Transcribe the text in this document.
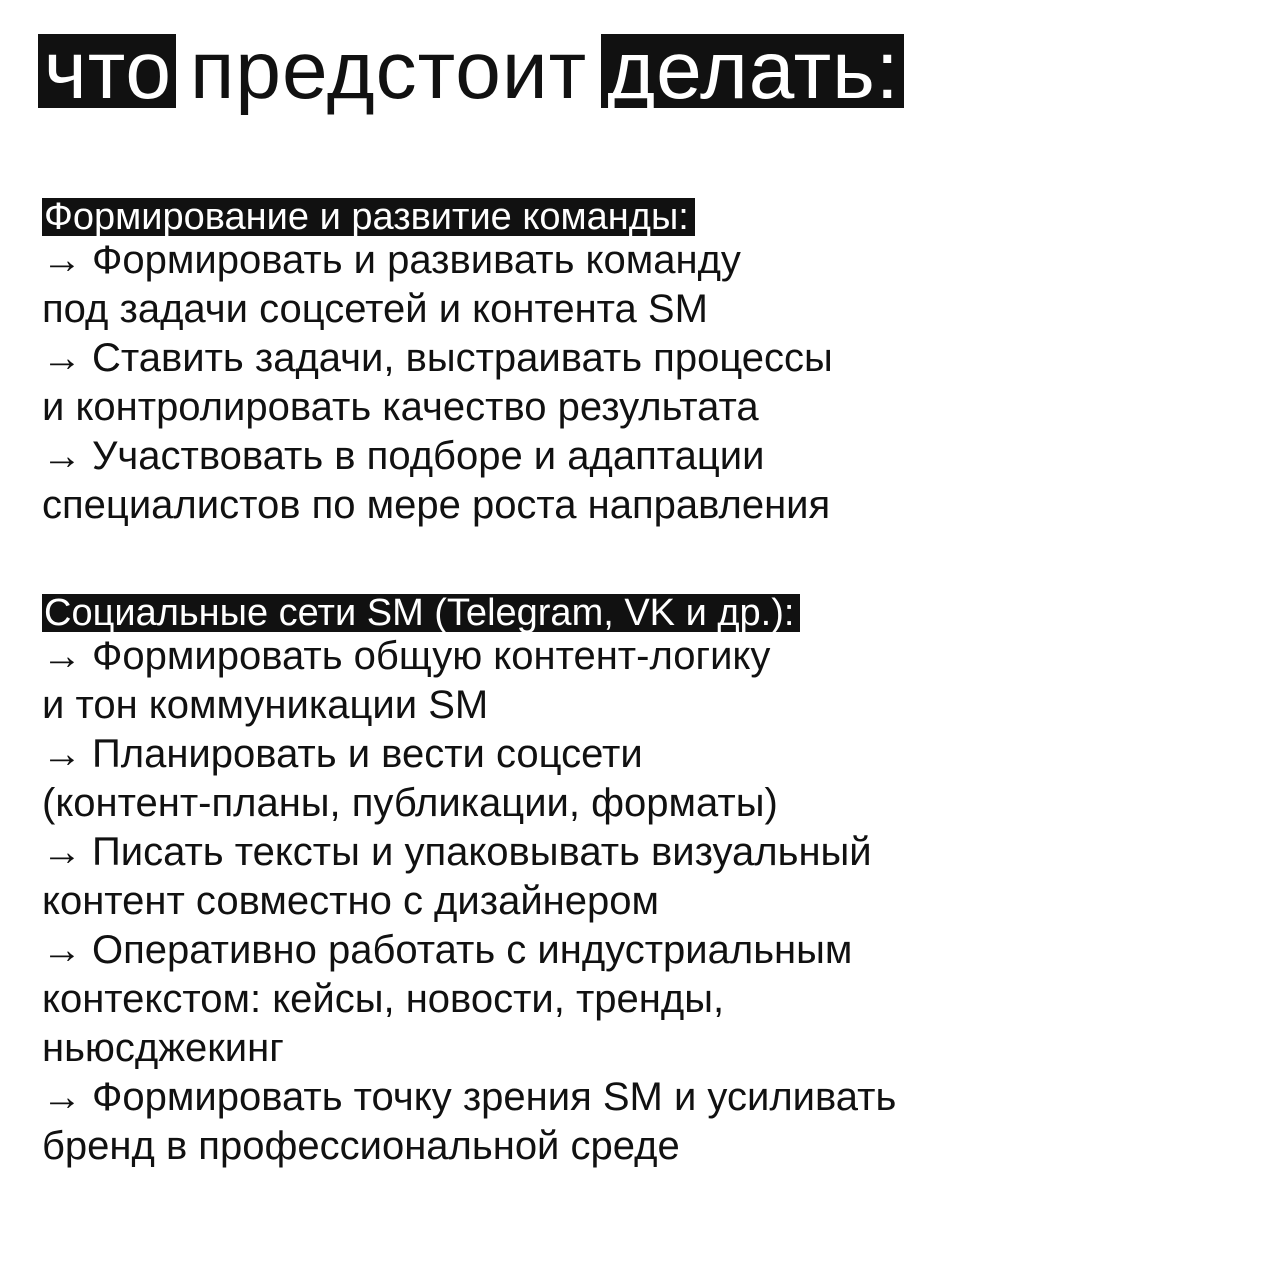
что предстоит делать:
Формирование и развитие команды:
→ Формировать и развивать команду
под задачи соцсетей и контента SM
→ Ставить задачи, выстраивать процессы
и контролировать качество результата
→ Участвовать в подборе и адаптации
специалистов по мере роста направления
Социальные сети SM (Telegram, VK и др.):
→ Формировать общую контент-логику
и тон коммуникации SM
→ Планировать и вести соцсети
(контент-планы, публикации, форматы)
→ Писать тексты и упаковывать визуальный
контент совместно с дизайнером
→ Оперативно работать с индустриальным
контекстом: кейсы, новости, тренды,
ньюсджекинг
→ Формировать точку зрения SM и усиливать
бренд в профессиональной среде
